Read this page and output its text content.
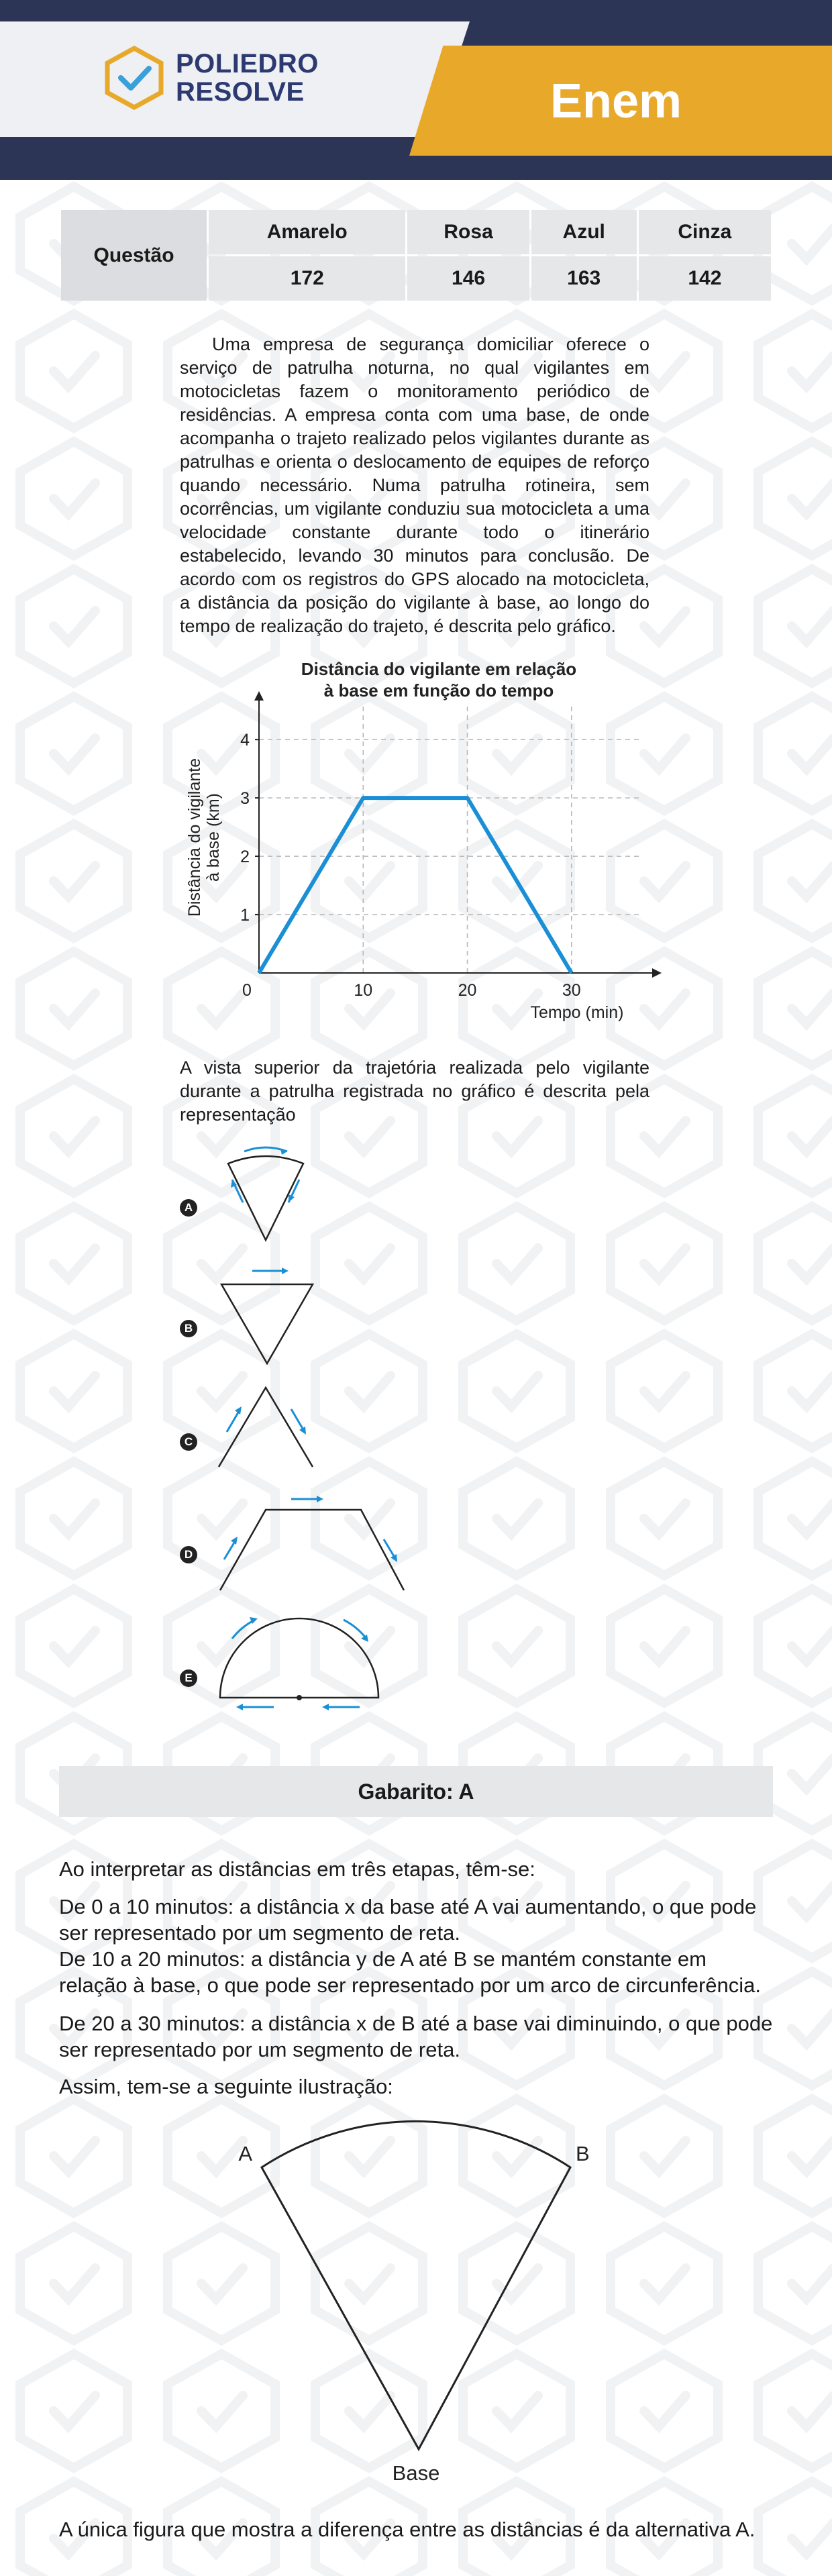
POLIEDRO
RESOLVE	Enem
Questão	Amarelo	Rosa	Azul	Cinza
	172	146	163	142

Uma empresa de segurança domiciliar oferece o serviço de patrulha noturna, no qual vigilantes em motocicletas fazem o monitoramento periódico de residências. A empresa conta com uma base, de onde acompanha o trajeto realizado pelos vigilantes durante as patrulhas e orienta o deslocamento de equipes de reforço quando necessário. Numa patrulha rotineira, sem ocorrências, um vigilante conduziu sua motocicleta a uma velocidade constante durante todo o itinerário estabelecido, levando 30 minutos para conclusão. De acordo com os registros do GPS alocado na motocicleta, a distância da posição do vigilante à base, ao longo do tempo de realização do trajeto, é descrita pelo gráfico.

Distância do vigilante em relação
à base em função do tempo
1
2
3
4
0	10	20	30
Tempo (min)
Distância do vigilante à base (km)

A vista superior da trajetória realizada pelo vigilante durante a patrulha registrada no gráfico é descrita pela representação

A
B
C
D
E
Gabarito: A

Ao interpretar as distâncias em três etapas, têm-se:

De 0 a 10 minutos: a distância x da base até A vai aumentando, o que pode ser representado por um segmento de reta.

De 10 a 20 minutos: a distância y de A até B se mantém constante em relação à base, o que pode ser representado por um arco de circunferência.

De 20 a 30 minutos: a distância x de B até a base vai diminuindo, o que pode ser representado por um segmento de reta.

Assim, tem-se a seguinte ilustração:

A	B
Base

A única figura que mostra a diferença entre as distâncias é da alternativa A.
